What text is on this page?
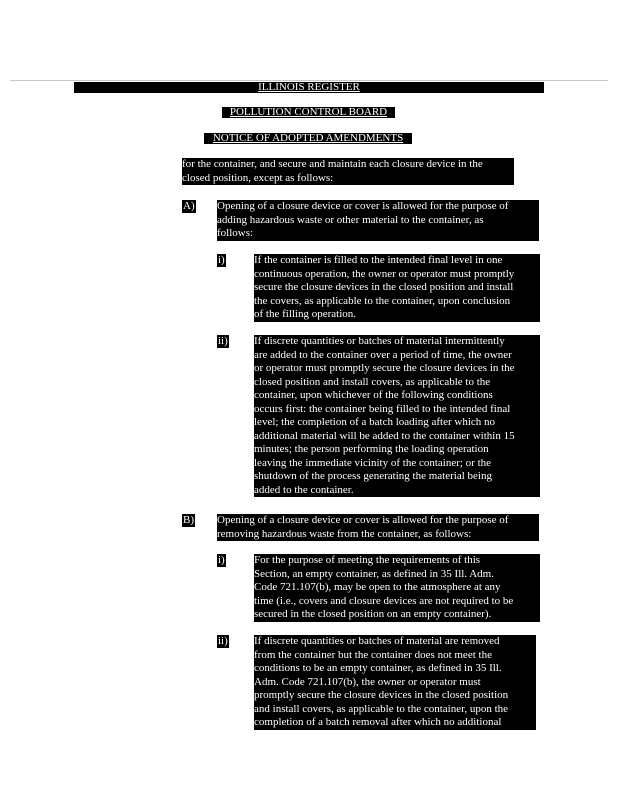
ILLINOIS REGISTER
POLLUTION CONTROL BOARD
NOTICE OF ADOPTED AMENDMENTS
for the container, and secure and maintain each closure device in the
closed position, except as follows:
A) Opening of a closure device or cover is allowed for the purpose of
adding hazardous waste or other material to the container, as
follows:
i)	If the container is filled to the intended final level in one
continuous operation, the owner or operator must promptly
secure the closure devices in the closed position and install
the covers, as applicable to the container, upon conclusion
of the filling operation.
ii) If discrete quantities or batches of material intermittently
are added to the container over a period of time, the owner
or operator must promptly secure the closure devices in the
closed position and install covers, as applicable to the
container, upon whichever of the following conditions
occurs first: the container being filled to the intended final
level; the completion of a batch loading after which no
additional material will be added to the container within 15
minutes; the person performing the loading operation
leaving the immediate vicinity of the container; or the
shutdown of the process generating the material being
added to the container.
B) Opening of a closure device or cover is allowed for the purpose of
removing hazardous waste from the container, as follows:
i)	For the purpose of meeting the requirements of this
Section, an empty container, as defined in 35 Ill. Adm.
Code 721.107(b), may be open to the atmosphere at any
time (i.e., covers and closure devices are not required to be
secured in the closed position on an empty container).
ii) If discrete quantities or batches of material are removed
from the container but the container does not meet the
conditions to be an empty container, as defined in 35 Ill.
Adm. Code 721.107(b), the owner or operator must
promptly secure the closure devices in the closed position
and install covers, as applicable to the container, upon the
completion of a batch removal after which no additional
